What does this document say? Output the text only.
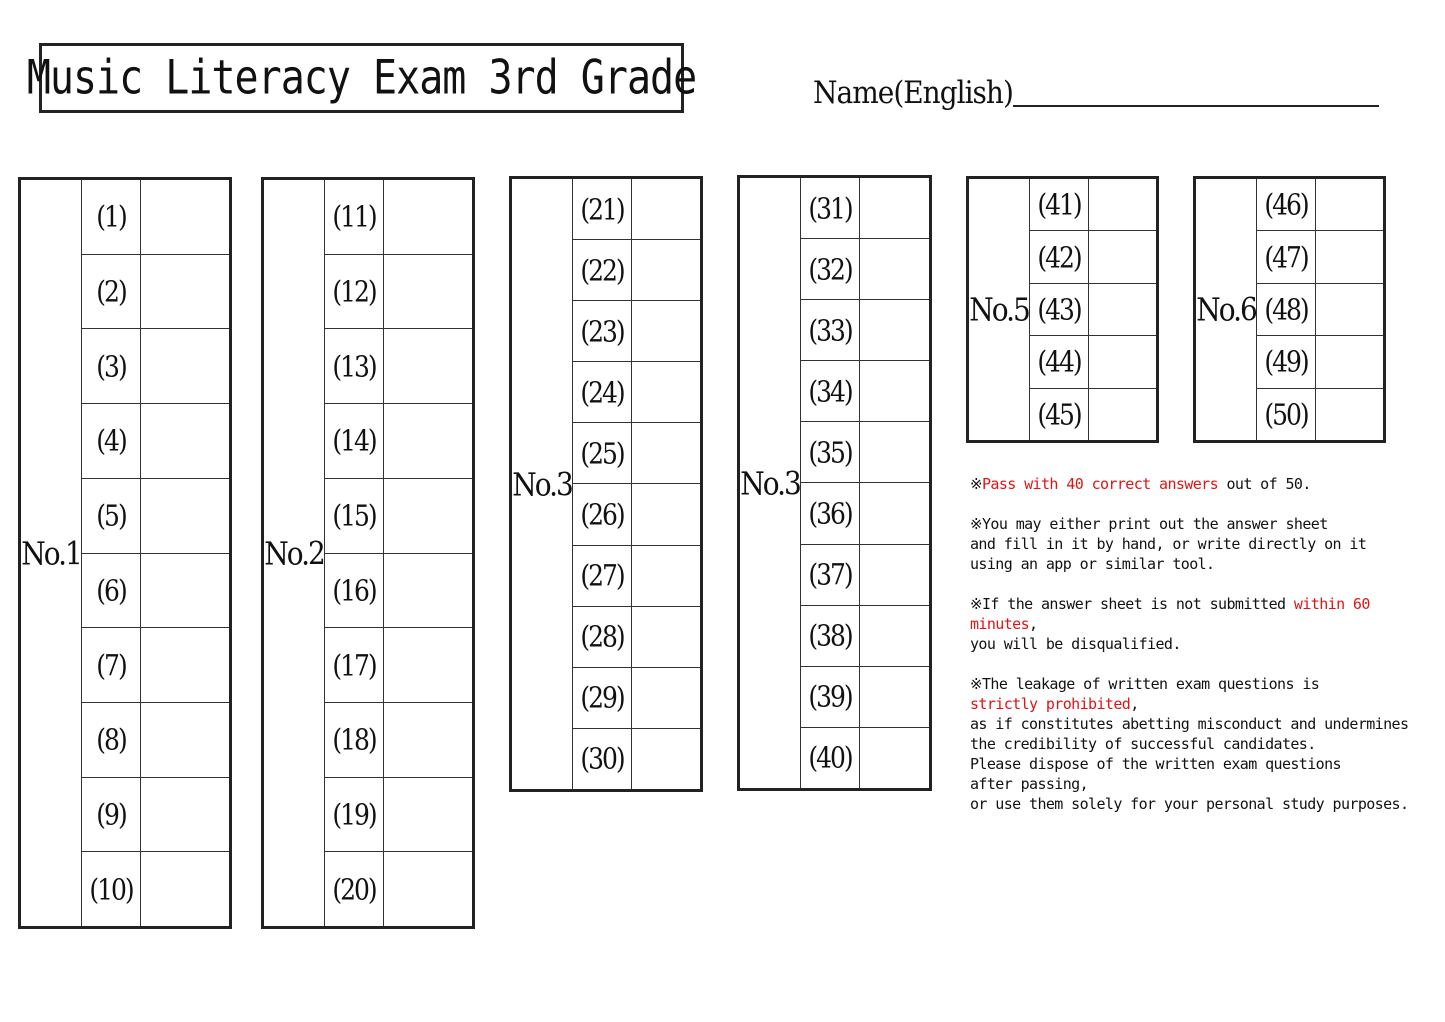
Music Literacy Exam 3rd Grade	Name(English)
No.1
(1)
(2)
(3)
(4)
(5)
(6)
(7)
(8)
(9)
(10)
No.2
(11)
(12)
(13)
(14)
(15)
(16)
(17)
(18)
(19)
(20)
No.3
(21)
(22)
(23)
(24)
(25)
(26)
(27)
(28)
(29)
(30)
No.3
(31)
(32)
(33)
(34)
(35)
(36)
(37)
(38)
(39)
(40)
No.5
(41)
(42)
(43)
(44)
(45)
No.6
(46)
(47)
(48)
(49)
(50)

※Pass with 40 correct answers out of 50.

※You may either print out the answer sheet
and fill in it by hand, or write directly on it
using an app or similar tool.

※If the answer sheet is not submitted within 60 minutes,
you will be disqualified.

※The leakage of written exam questions is
strictly prohibited,
as if constitutes abetting misconduct and undermines
the credibility of successful candidates.
Please dispose of the written exam questions
after passing,
or use them solely for your personal study purposes.
